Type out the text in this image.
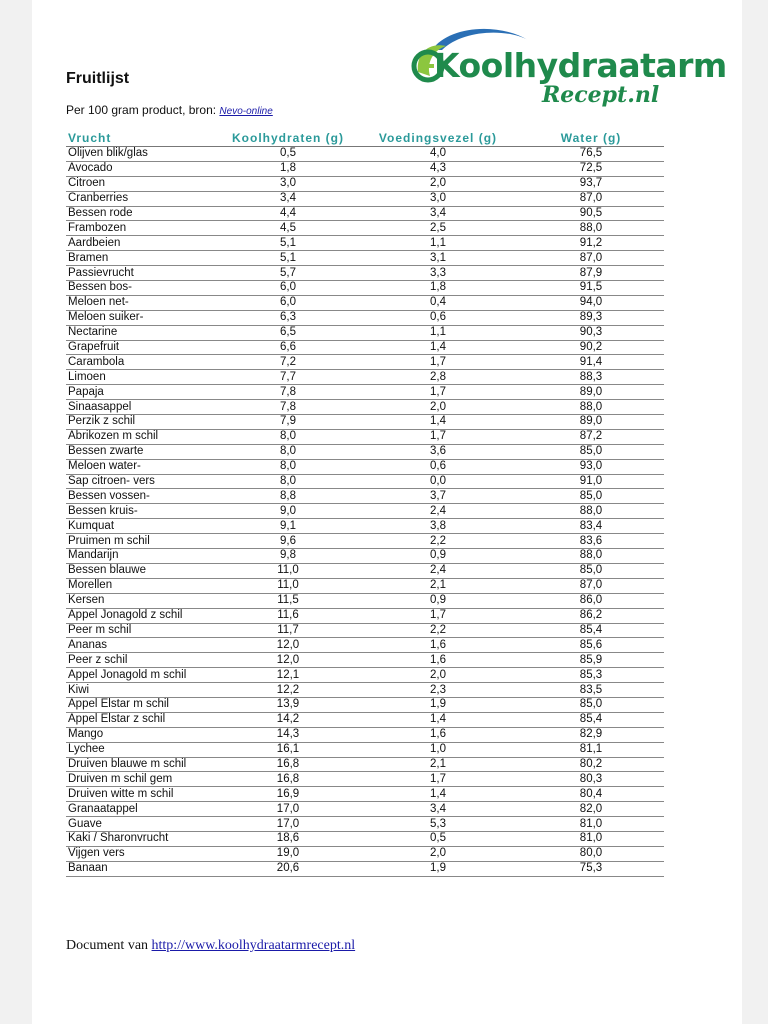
Koolhydraatarm
Recept.nl
Fruitlijst
Per 100 gram product, bron: Nevo-online
Vrucht	Koolhydraten (g)	Voedingsvezel (g)	Water (g)
Olijven blik/glas	0,5	4,0	76,5
Avocado	1,8	4,3	72,5
Citroen	3,0	2,0	93,7
Cranberries	3,4	3,0	87,0
Bessen rode	4,4	3,4	90,5
Frambozen	4,5	2,5	88,0
Aardbeien	5,1	1,1	91,2
Bramen	5,1	3,1	87,0
Passievrucht	5,7	3,3	87,9
Bessen bos-	6,0	1,8	91,5
Meloen net-	6,0	0,4	94,0
Meloen suiker-	6,3	0,6	89,3
Nectarine	6,5	1,1	90,3
Grapefruit	6,6	1,4	90,2
Carambola	7,2	1,7	91,4
Limoen	7,7	2,8	88,3
Papaja	7,8	1,7	89,0
Sinaasappel	7,8	2,0	88,0
Perzik z schil	7,9	1,4	89,0
Abrikozen m schil	8,0	1,7	87,2
Bessen zwarte	8,0	3,6	85,0
Meloen water-	8,0	0,6	93,0
Sap citroen- vers	8,0	0,0	91,0
Bessen vossen-	8,8	3,7	85,0
Bessen kruis-	9,0	2,4	88,0
Kumquat	9,1	3,8	83,4
Pruimen m schil	9,6	2,2	83,6
Mandarijn	9,8	0,9	88,0
Bessen blauwe	11,0	2,4	85,0
Morellen	11,0	2,1	87,0
Kersen	11,5	0,9	86,0
Appel Jonagold z schil	11,6	1,7	86,2
Peer m schil	11,7	2,2	85,4
Ananas	12,0	1,6	85,6
Peer z schil	12,0	1,6	85,9
Appel Jonagold m schil	12,1	2,0	85,3
Kiwi	12,2	2,3	83,5
Appel Elstar m schil	13,9	1,9	85,0
Appel Elstar z schil	14,2	1,4	85,4
Mango	14,3	1,6	82,9
Lychee	16,1	1,0	81,1
Druiven blauwe m schil	16,8	2,1	80,2
Druiven m schil gem	16,8	1,7	80,3
Druiven witte m schil	16,9	1,4	80,4
Granaatappel	17,0	3,4	82,0
Guave	17,0	5,3	81,0
Kaki / Sharonvrucht	18,6	0,5	81,0
Vijgen vers	19,0	2,0	80,0
Banaan	20,6	1,9	75,3
Document van http://www.koolhydraatarmrecept.nl
